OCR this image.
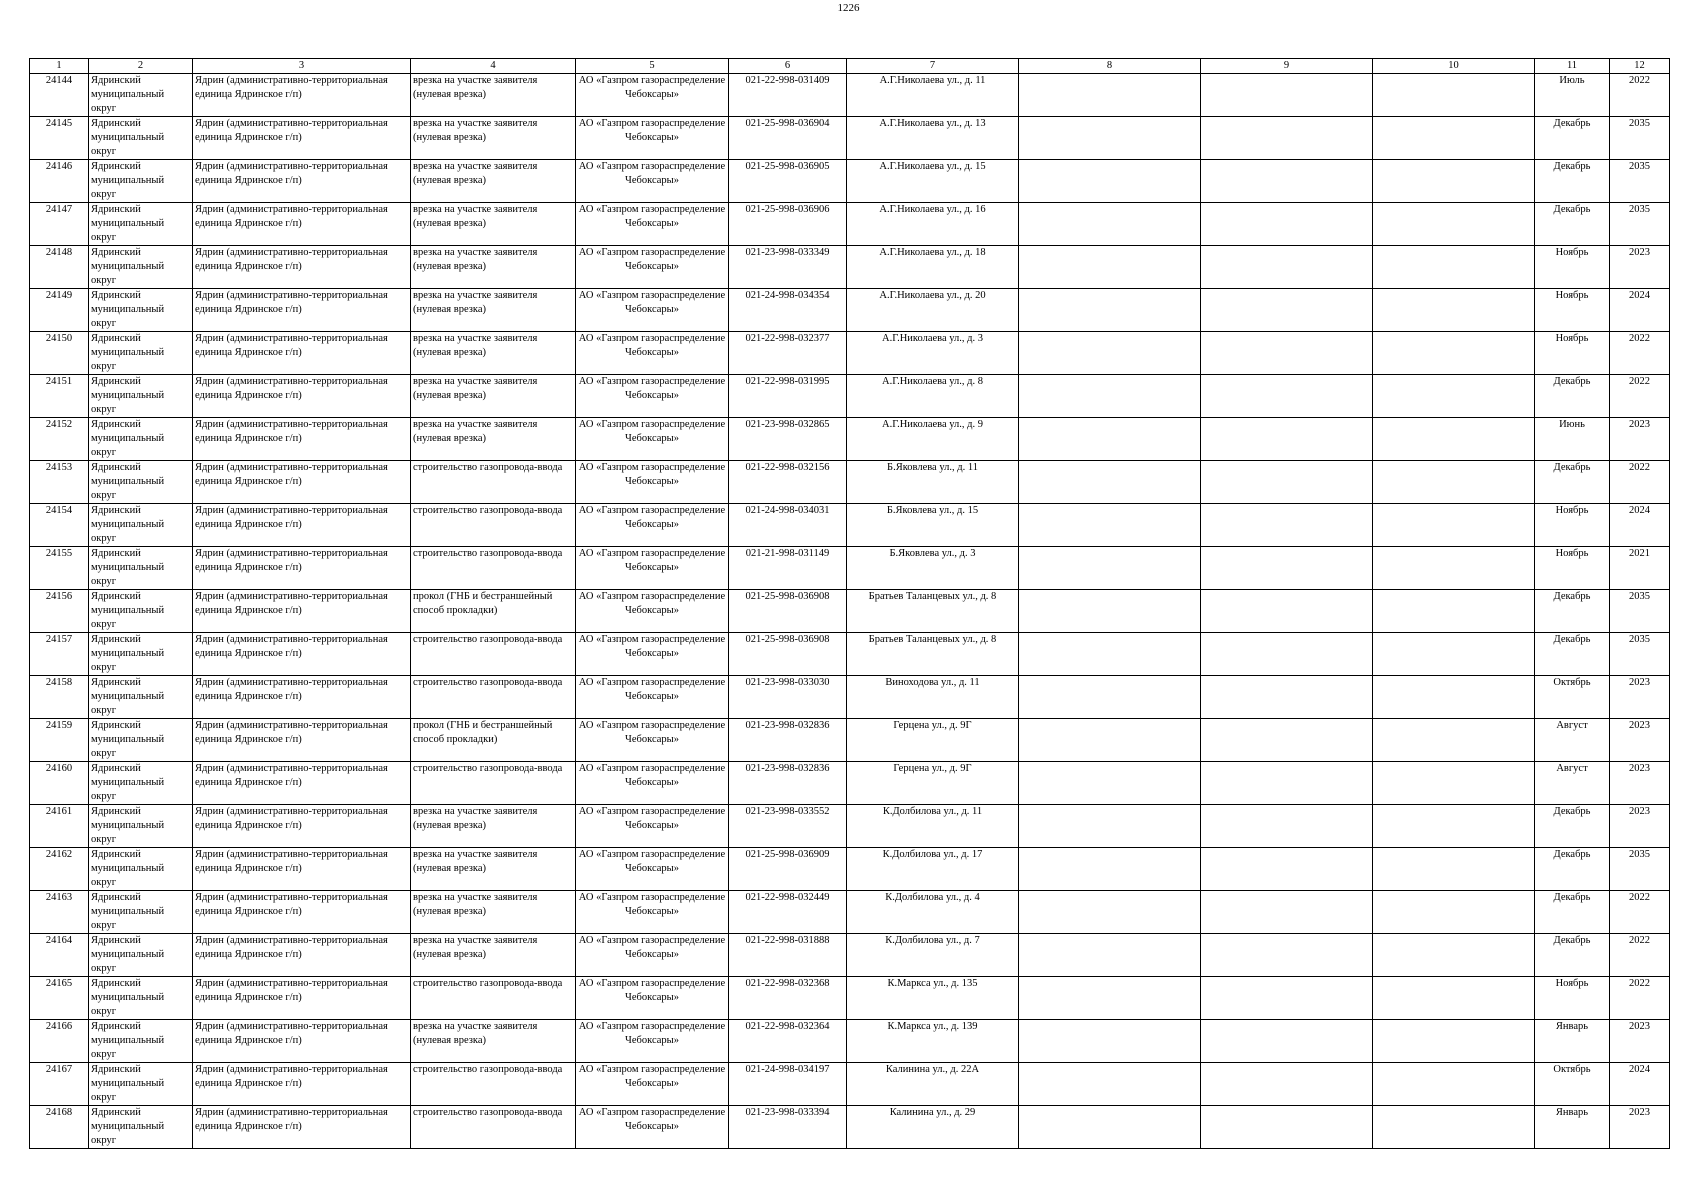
1226
1	2	3	4	5	6	7	8	9	10	11	12
24144	Ядринский муниципальный округ	Ядрин (административно-территориальная единица Ядринское г/п)	врезка на участке заявителя (нулевая врезка)	АО «Газпром газораспределение Чебоксары»	021-22-998-031409	А.Г.Николаева ул., д. 11				Июль	2022
24145	Ядринский муниципальный округ	Ядрин (административно-территориальная единица Ядринское г/п)	врезка на участке заявителя (нулевая врезка)	АО «Газпром газораспределение Чебоксары»	021-25-998-036904	А.Г.Николаева ул., д. 13				Декабрь	2035
24146	Ядринский муниципальный округ	Ядрин (административно-территориальная единица Ядринское г/п)	врезка на участке заявителя (нулевая врезка)	АО «Газпром газораспределение Чебоксары»	021-25-998-036905	А.Г.Николаева ул., д. 15				Декабрь	2035
24147	Ядринский муниципальный округ	Ядрин (административно-территориальная единица Ядринское г/п)	врезка на участке заявителя (нулевая врезка)	АО «Газпром газораспределение Чебоксары»	021-25-998-036906	А.Г.Николаева ул., д. 16				Декабрь	2035
24148	Ядринский муниципальный округ	Ядрин (административно-территориальная единица Ядринское г/п)	врезка на участке заявителя (нулевая врезка)	АО «Газпром газораспределение Чебоксары»	021-23-998-033349	А.Г.Николаева ул., д. 18				Ноябрь	2023
24149	Ядринский муниципальный округ	Ядрин (административно-территориальная единица Ядринское г/п)	врезка на участке заявителя (нулевая врезка)	АО «Газпром газораспределение Чебоксары»	021-24-998-034354	А.Г.Николаева ул., д. 20				Ноябрь	2024
24150	Ядринский муниципальный округ	Ядрин (административно-территориальная единица Ядринское г/п)	врезка на участке заявителя (нулевая врезка)	АО «Газпром газораспределение Чебоксары»	021-22-998-032377	А.Г.Николаева ул., д. 3				Ноябрь	2022
24151	Ядринский муниципальный округ	Ядрин (административно-территориальная единица Ядринское г/п)	врезка на участке заявителя (нулевая врезка)	АО «Газпром газораспределение Чебоксары»	021-22-998-031995	А.Г.Николаева ул., д. 8				Декабрь	2022
24152	Ядринский муниципальный округ	Ядрин (административно-территориальная единица Ядринское г/п)	врезка на участке заявителя (нулевая врезка)	АО «Газпром газораспределение Чебоксары»	021-23-998-032865	А.Г.Николаева ул., д. 9				Июнь	2023
24153	Ядринский муниципальный округ	Ядрин (административно-территориальная единица Ядринское г/п)	строительство газопровода-ввода	АО «Газпром газораспределение Чебоксары»	021-22-998-032156	Б.Яковлева ул., д. 11				Декабрь	2022
24154	Ядринский муниципальный округ	Ядрин (административно-территориальная единица Ядринское г/п)	строительство газопровода-ввода	АО «Газпром газораспределение Чебоксары»	021-24-998-034031	Б.Яковлева ул., д. 15				Ноябрь	2024
24155	Ядринский муниципальный округ	Ядрин (административно-территориальная единица Ядринское г/п)	строительство газопровода-ввода	АО «Газпром газораспределение Чебоксары»	021-21-998-031149	Б.Яковлева ул., д. 3				Ноябрь	2021
24156	Ядринский муниципальный округ	Ядрин (административно-территориальная единица Ядринское г/п)	прокол (ГНБ и бестраншейный способ прокладки)	АО «Газпром газораспределение Чебоксары»	021-25-998-036908	Братьев Таланцевых ул., д. 8				Декабрь	2035
24157	Ядринский муниципальный округ	Ядрин (административно-территориальная единица Ядринское г/п)	строительство газопровода-ввода	АО «Газпром газораспределение Чебоксары»	021-25-998-036908	Братьев Таланцевых ул., д. 8				Декабрь	2035
24158	Ядринский муниципальный округ	Ядрин (административно-территориальная единица Ядринское г/п)	строительство газопровода-ввода	АО «Газпром газораспределение Чебоксары»	021-23-998-033030	Виноходова ул., д. 11				Октябрь	2023
24159	Ядринский муниципальный округ	Ядрин (административно-территориальная единица Ядринское г/п)	прокол (ГНБ и бестраншейный способ прокладки)	АО «Газпром газораспределение Чебоксары»	021-23-998-032836	Герцена ул., д. 9Г				Август	2023
24160	Ядринский муниципальный округ	Ядрин (административно-территориальная единица Ядринское г/п)	строительство газопровода-ввода	АО «Газпром газораспределение Чебоксары»	021-23-998-032836	Герцена ул., д. 9Г				Август	2023
24161	Ядринский муниципальный округ	Ядрин (административно-территориальная единица Ядринское г/п)	врезка на участке заявителя (нулевая врезка)	АО «Газпром газораспределение Чебоксары»	021-23-998-033552	К.Долбилова ул., д. 11				Декабрь	2023
24162	Ядринский муниципальный округ	Ядрин (административно-территориальная единица Ядринское г/п)	врезка на участке заявителя (нулевая врезка)	АО «Газпром газораспределение Чебоксары»	021-25-998-036909	К.Долбилова ул., д. 17				Декабрь	2035
24163	Ядринский муниципальный округ	Ядрин (административно-территориальная единица Ядринское г/п)	врезка на участке заявителя (нулевая врезка)	АО «Газпром газораспределение Чебоксары»	021-22-998-032449	К.Долбилова ул., д. 4				Декабрь	2022
24164	Ядринский муниципальный округ	Ядрин (административно-территориальная единица Ядринское г/п)	врезка на участке заявителя (нулевая врезка)	АО «Газпром газораспределение Чебоксары»	021-22-998-031888	К.Долбилова ул., д. 7				Декабрь	2022
24165	Ядринский муниципальный округ	Ядрин (административно-территориальная единица Ядринское г/п)	строительство газопровода-ввода	АО «Газпром газораспределение Чебоксары»	021-22-998-032368	К.Маркса ул., д. 135				Ноябрь	2022
24166	Ядринский муниципальный округ	Ядрин (административно-территориальная единица Ядринское г/п)	врезка на участке заявителя (нулевая врезка)	АО «Газпром газораспределение Чебоксары»	021-22-998-032364	К.Маркса ул., д. 139				Январь	2023
24167	Ядринский муниципальный округ	Ядрин (административно-территориальная единица Ядринское г/п)	строительство газопровода-ввода	АО «Газпром газораспределение Чебоксары»	021-24-998-034197	Калинина ул., д. 22А				Октябрь	2024
24168	Ядринский муниципальный округ	Ядрин (административно-территориальная единица Ядринское г/п)	строительство газопровода-ввода	АО «Газпром газораспределение Чебоксары»	021-23-998-033394	Калинина ул., д. 29				Январь	2023
